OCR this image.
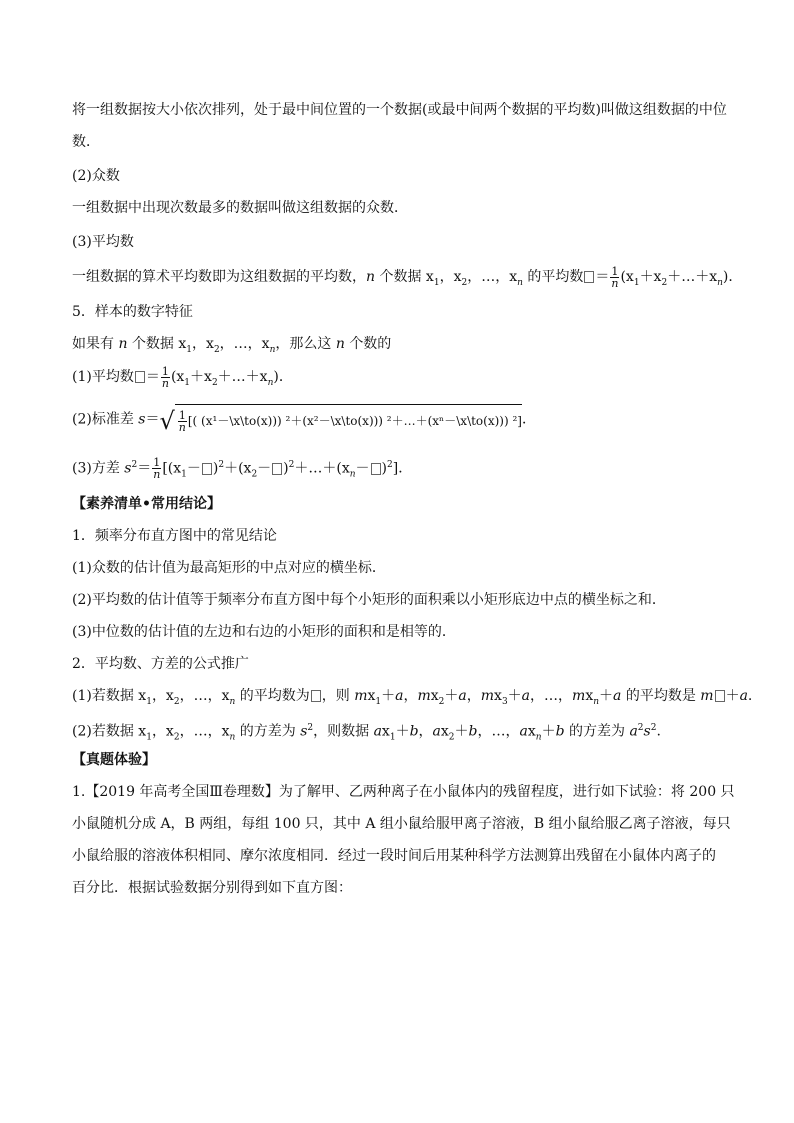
将一组数据按大小依次排列，处于最中间位置的一个数据(或最中间两个数据的平均数)叫做这组数据的中位
数．
(2)众数
一组数据中出现次数最多的数据叫做这组数据的众数．
(3)平均数
一组数据的算术平均数即为这组数据的平均数，n 个数据 $x_1$，$x_2$，…，$x_n$ 的平均数 ＝ $\frac{1}{n}$ $(x_1+x_2+\dots+x_n)$．
5．样本的数字特征
如果有 n 个数据 $x_1$，$x_2$，…，$x_n$，那么这 n 个数的
(1)平均数 ＝ $\frac{1}{n}$ $(x_1+x_2+\dots+x_n)$．
(2)标准差 $s=√ \frac{1}{n}$ [( (x¹－\x\to(x))) ²＋(x²－\x\to(x))) ²＋…＋(xⁿ－\x\to(x))) ²]．
(3)方差 $s^2= \frac{1}{n} [(x_1- )^2+(x_2-$ )$^2+\dots+(x_n- )^2$]．
【素养清单•常用结论】
1．频率分布直方图中的常见结论
(1)众数的估计值为最高矩形的中点对应的横坐标．
(2)平均数的估计值等于频率分布直方图中每个小矩形的面积乘以小矩形底边中点的横坐标之和．
(3)中位数的估计值的左边和右边的小矩形的面积和是相等的．
2．平均数、方差的公式推广
(1)若数据 $x_1$，$x_2$，…，$x_n$ 的平均数为 ，则 $mx_1+a$，$mx_2+a$，$mx_3+a$，…，$mx_n+a$ 的平均数是 m ＋a.
(2)若数据 $x_1$，$x_2$，…，$x_n$ 的方差为 $s^2$，则数据 $ax_1+b$，$ax_2+b$，…，$ax_n+b$ 的方差为 $a^2s^2$.
【真题体验】
1.【2019 年高考全国Ⅲ卷理数】为了解甲、乙两种离子在小鼠体内的残留程度，进行如下试验：将 200 只
小鼠随机分成 A，B 两组，每组 100 只，其中 A 组小鼠给服甲离子溶液，B 组小鼠给服乙离子溶液，每只
小鼠给服的溶液体积相同、摩尔浓度相同．经过一段时间后用某种科学方法测算出残留在小鼠体内离子的
百分比．根据试验数据分别得到如下直方图：
